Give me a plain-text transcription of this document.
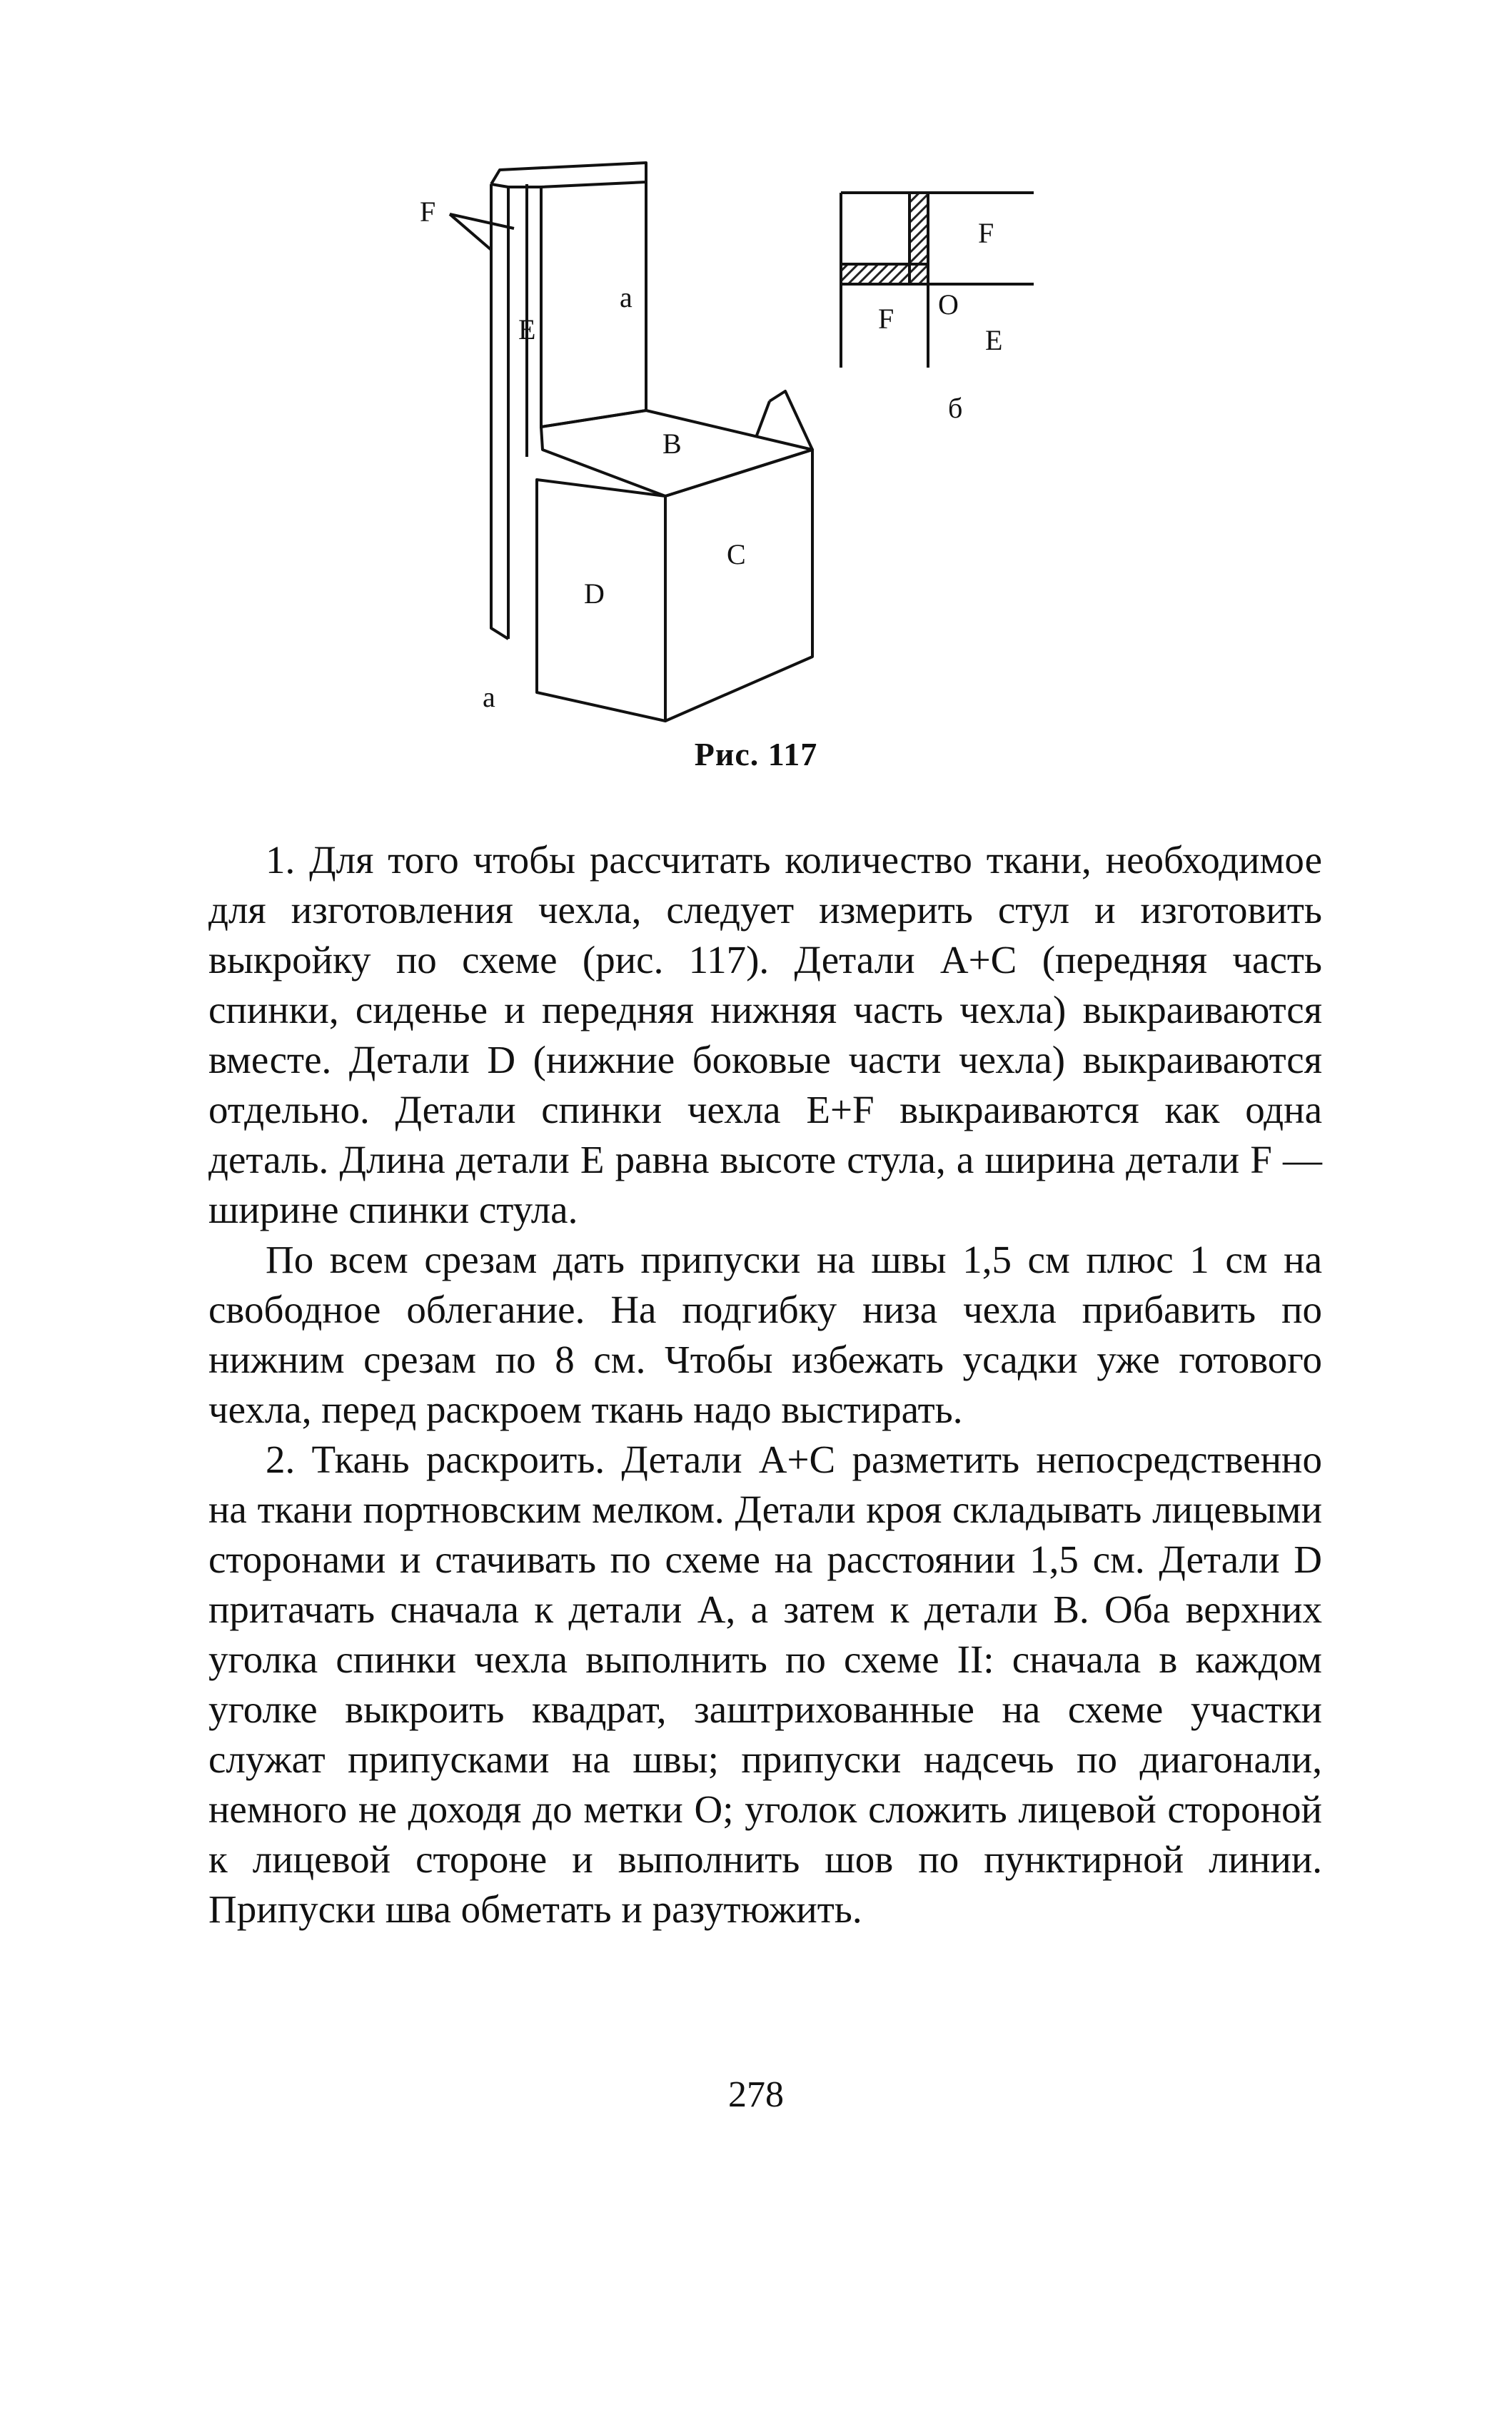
F
E
a
B
C
D
a
F
F O
E
б
Рис. 117

1. Для того чтобы рассчитать количество ткани, необходимое для изготовления чехла, следует измерить стул и изготовить выкройку по схеме (рис. 117). Детали А+С (передняя часть спинки, сиденье и передняя нижняя часть чехла) выкраиваются вместе. Детали D (нижние боковые части чехла) выкраиваются отдельно. Детали спинки чехла E+F выкраиваются как одна деталь. Длина детали Е равна высоте стула, а ширина детали F — ширине спинки стула.

По всем срезам дать припуски на швы 1,5 см плюс 1 см на свободное облегание. На подгибку низа чехла прибавить по нижним срезам по 8 см. Чтобы избежать усадки уже готового чехла, перед раскроем ткань надо выстирать.

2. Ткань раскроить. Детали А+С разметить непосредственно на ткани портновским мелком. Детали кроя складывать лицевыми сторонами и стачивать по схеме на расстоянии 1,5 см. Детали D притачать сначала к детали А, а затем к детали В. Оба верхних уголка спинки чехла выполнить по схеме II: сначала в каждом уголке выкроить квадрат, заштрихованные на схеме участки служат припусками на швы; припуски надсечь по диагонали, немного не доходя до метки О; уголок сложить лицевой стороной к лицевой стороне и выполнить шов по пунктирной линии. Припуски шва обметать и разутюжить.

278
